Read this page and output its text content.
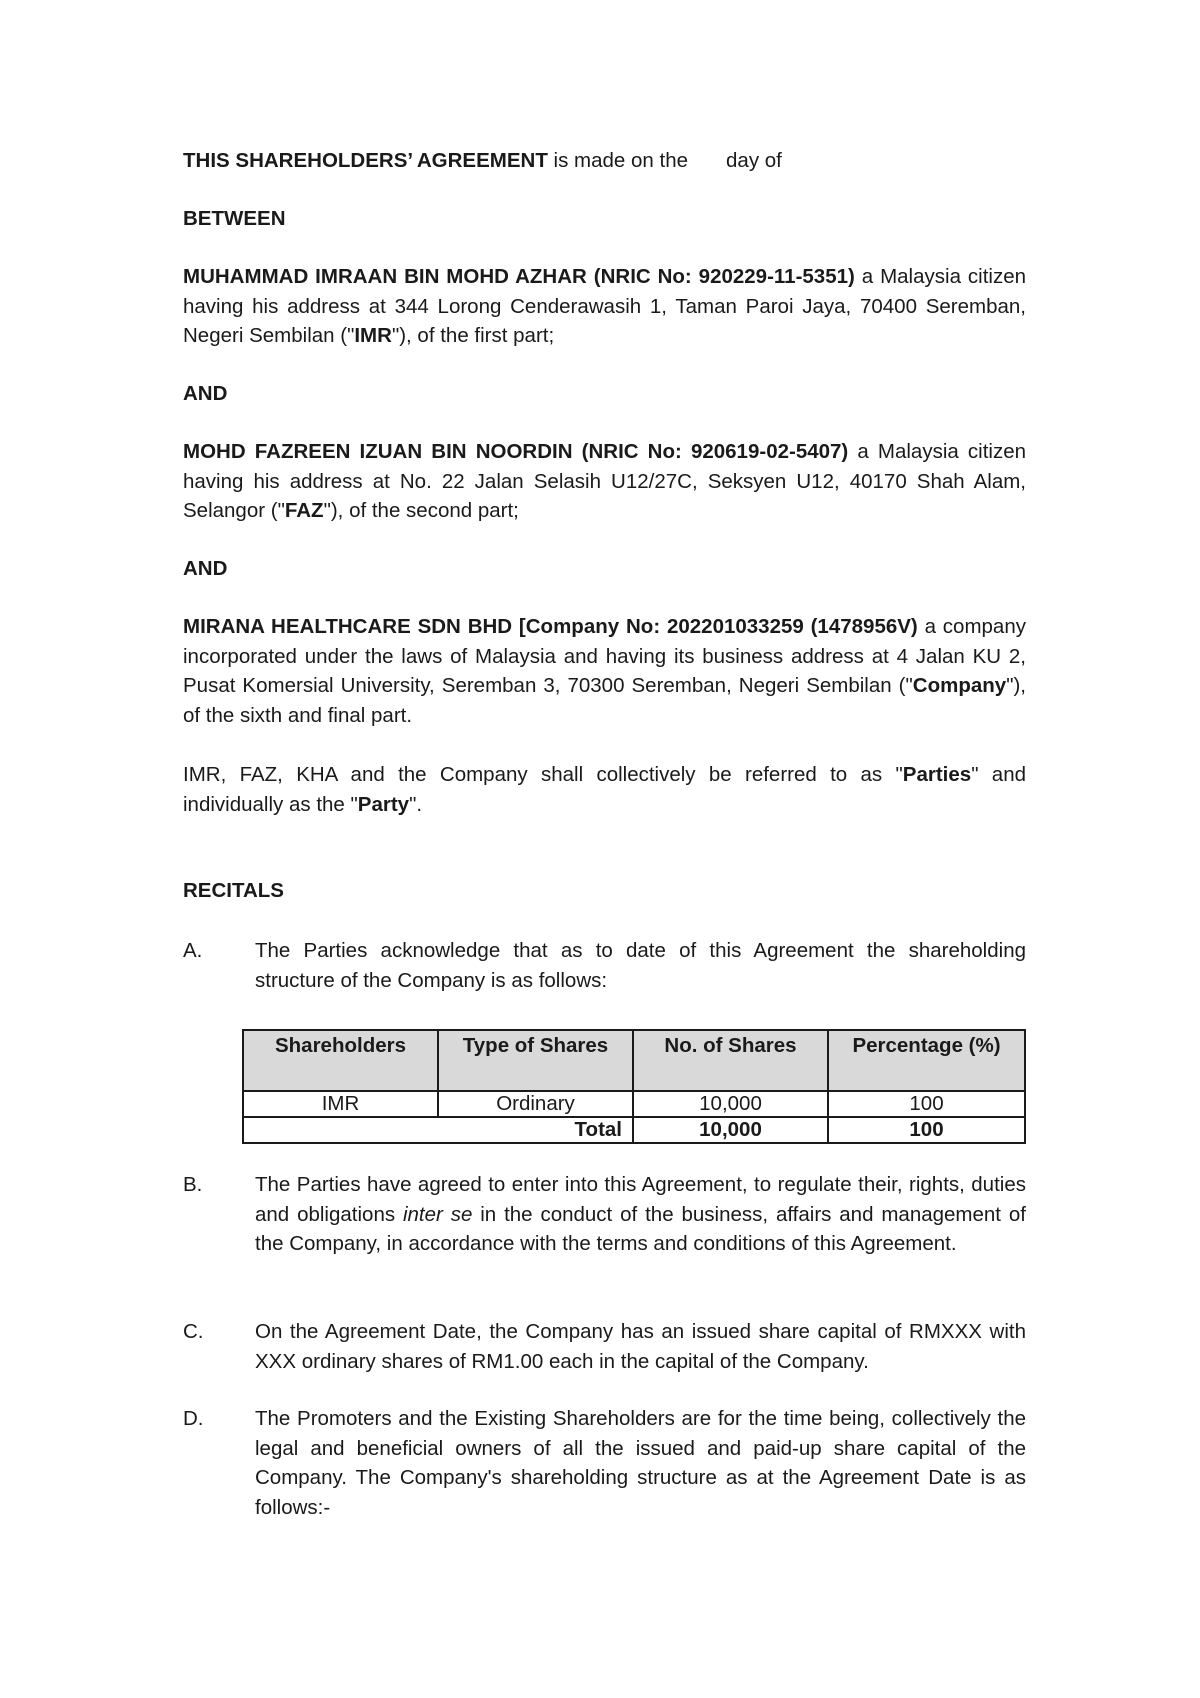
THIS SHAREHOLDERS’ AGREEMENT is made on the day of
BETWEEN
MUHAMMAD IMRAAN BIN MOHD AZHAR (NRIC No: 920229-11-5351) a Malaysia citizen having his address at 344 Lorong Cenderawasih 1, Taman Paroi Jaya, 70400 Seremban, Negeri Sembilan ("IMR"), of the first part;
AND
MOHD FAZREEN IZUAN BIN NOORDIN (NRIC No: 920619-02-5407) a Malaysia citizen having his address at No. 22 Jalan Selasih U12/27C, Seksyen U12, 40170 Shah Alam, Selangor ("FAZ"), of the second part;
AND
MIRANA HEALTHCARE SDN BHD [Company No: 202201033259 (1478956V) a company incorporated under the laws of Malaysia and having its business address at 4 Jalan KU 2, Pusat Komersial University, Seremban 3, 70300 Seremban, Negeri Sembilan ("Company"), of the sixth and final part.
IMR, FAZ, KHA and the Company shall collectively be referred to as "Parties" and individually as the "Party".
RECITALS
A.	The Parties acknowledge that as to date of this Agreement the shareholding structure of the Company is as follows:
Shareholders	Type of Shares	No. of Shares	Percentage (%)
IMR	Ordinary	10,000	100
Total		10,000	100
B.	The Parties have agreed to enter into this Agreement, to regulate their, rights, duties and obligations inter se in the conduct of the business, affairs and management of the Company, in accordance with the terms and conditions of this Agreement.
C.	On the Agreement Date, the Company has an issued share capital of RMXXX with XXX ordinary shares of RM1.00 each in the capital of the Company.
D.	The Promoters and the Existing Shareholders are for the time being, collectively the legal and beneficial owners of all the issued and paid-up share capital of the Company. The Company's shareholding structure as at the Agreement Date is as follows:-
